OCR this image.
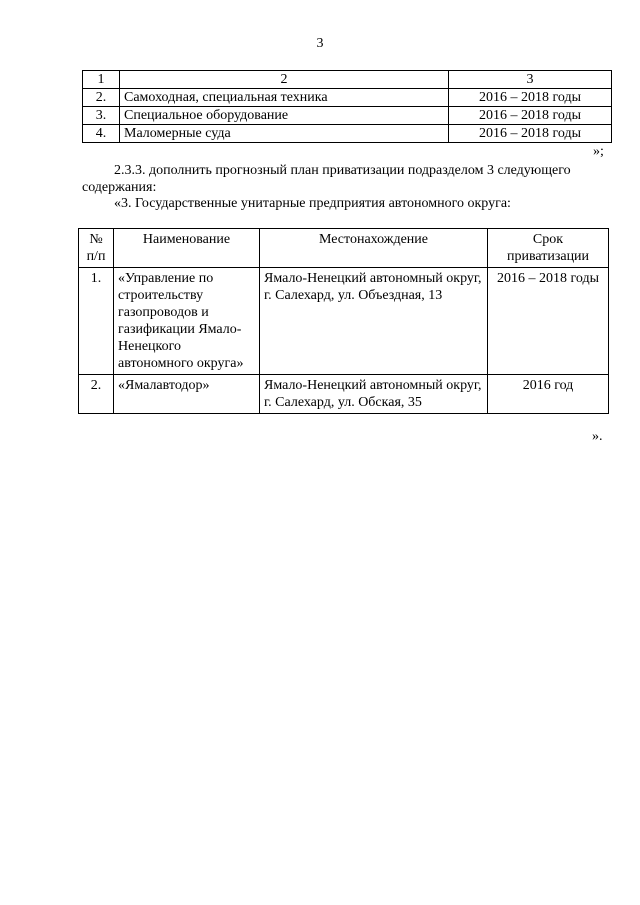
3
1	2	3
2.	Самоходная, специальная техника	2016 – 2018 годы
3.	Специальное оборудование	2016 – 2018 годы
4.	Маломерные суда	2016 – 2018 годы
»;
2.3.3. дополнить прогнозный план приватизации подразделом 3 следующего содержания:
«3. Государственные унитарные предприятия автономного округа:
№ п/п	Наименование	Местонахождение	Срок приватизации
1.	«Управление по строительству газопроводов и газификации Ямало-Ненецкого автономного округа»	Ямало-Ненецкий автономный округ, г. Салехард, ул. Объездная, 13	2016 – 2018 годы
2.	«Ямалавтодор»	Ямало-Ненецкий автономный округ, г. Салехард, ул. Обская, 35	2016 год
».
